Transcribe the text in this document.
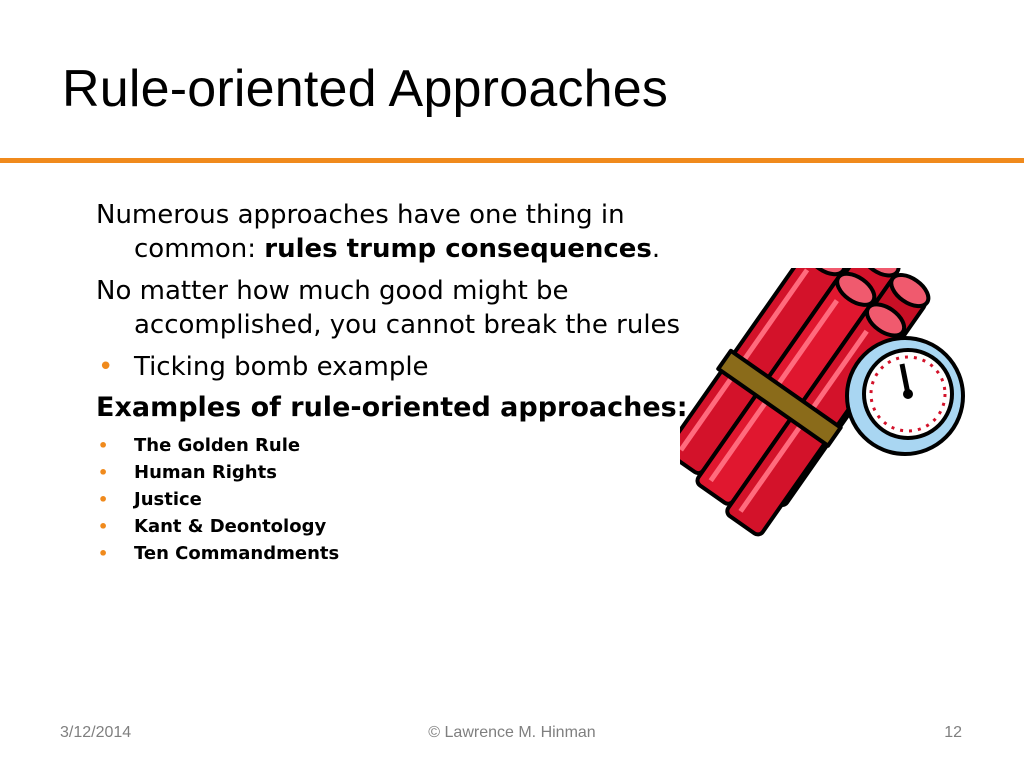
Rule-oriented Approaches

Numerous approaches have one thing in common: rules trump consequences.

No matter how much good might be accomplished, you cannot break the rules

• Ticking bomb example
Examples of rule-oriented approaches:
• The Golden Rule
• Human Rights
• Justice
• Kant & Deontology
• Ten Commandments
3/12/2014	© Lawrence M. Hinman	12
